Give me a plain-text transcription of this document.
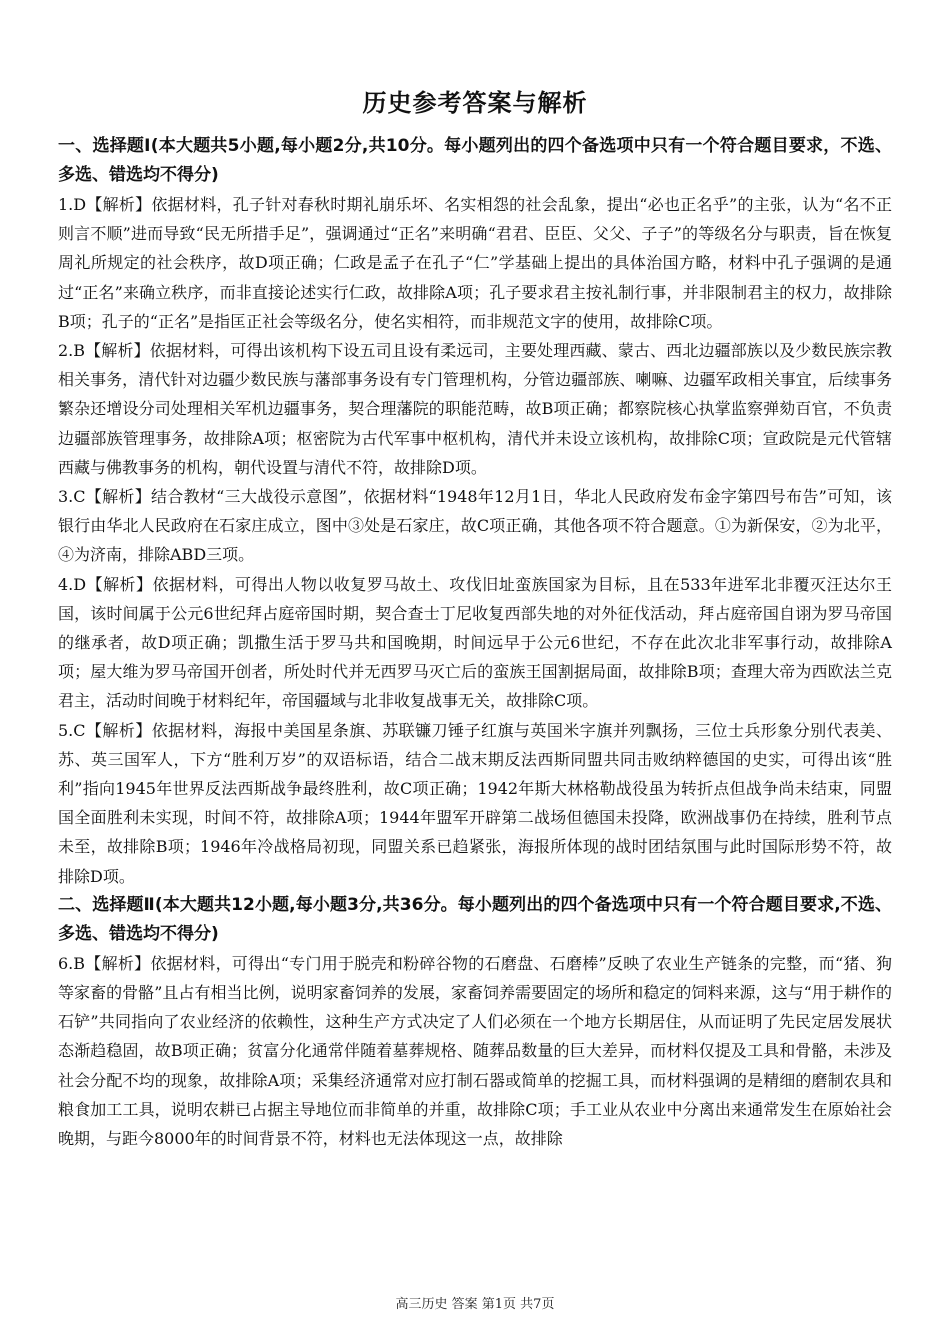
历史参考答案与解析

一、选择题Ⅰ(本大题共5小题,每小题2分,共10分。每小题列出的四个备选项中只有一个符合题目要求，不选、多选、错选均不得分)

1.D【解析】依据材料，孔子针对春秋时期礼崩乐坏、名实相怨的社会乱象，提出“必也正名乎”的主张，认为“名不正则言不顺”进而导致“民无所措手足”，强调通过“正名”来明确“君君、臣臣、父父、子子”的等级名分与职责，旨在恢复周礼所规定的社会秩序，故D项正确；仁政是孟子在孔子“仁”学基础上提出的具体治国方略，材料中孔子强调的是通过“正名”来确立秩序，而非直接论述实行仁政，故排除A项；孔子要求君主按礼制行事，并非限制君主的权力，故排除B项；孔子的“正名”是指匡正社会等级名分，使名实相符，而非规范文字的使用，故排除C项。

2.B【解析】依据材料，可得出该机构下设五司且设有柔远司，主要处理西藏、蒙古、西北边疆部族以及少数民族宗教相关事务，清代针对边疆少数民族与藩部事务设有专门管理机构，分管边疆部族、喇嘛、边疆军政相关事宜，后续事务繁杂还增设分司处理相关军机边疆事务，契合理藩院的职能范畴，故B项正确；都察院核心执掌监察弹劾百官，不负责边疆部族管理事务，故排除A项；枢密院为古代军事中枢机构，清代并未设立该机构，故排除C项；宣政院是元代管辖西藏与佛教事务的机构，朝代设置与清代不符，故排除D项。

3.C【解析】结合教材“三大战役示意图”，依据材料“1948年12月1日，华北人民政府发布金字第四号布告”可知，该银行由华北人民政府在石家庄成立，图中③处是石家庄，故C项正确，其他各项不符合题意。①为新保安，②为北平，④为济南，排除ABD三项。

4.D【解析】依据材料，可得出人物以收复罗马故土、攻伐旧址蛮族国家为目标，且在533年进军北非覆灭汪达尔王国，该时间属于公元6世纪拜占庭帝国时期，契合查士丁尼收复西部失地的对外征伐活动，拜占庭帝国自诩为罗马帝国的继承者，故D项正确；凯撒生活于罗马共和国晚期，时间远早于公元6世纪，不存在此次北非军事行动，故排除A项；屋大维为罗马帝国开创者，所处时代并无西罗马灭亡后的蛮族王国割据局面，故排除B项；查理大帝为西欧法兰克君主，活动时间晚于材料纪年，帝国疆域与北非收复战事无关，故排除C项。

5.C【解析】依据材料，海报中美国星条旗、苏联镰刀锤子红旗与英国米字旗并列飘扬，三位士兵形象分别代表美、苏、英三国军人，下方“胜利万岁”的双语标语，结合二战末期反法西斯同盟共同击败纳粹德国的史实，可得出该“胜利”指向1945年世界反法西斯战争最终胜利，故C项正确；1942年斯大林格勒战役虽为转折点但战争尚未结束，同盟国全面胜利未实现，时间不符，故排除A项；1944年盟军开辟第二战场但德国未投降，欧洲战事仍在持续，胜利节点未至，故排除B项；1946年冷战格局初现，同盟关系已趋紧张，海报所体现的战时团结氛围与此时国际形势不符，故排除D项。

二、选择题Ⅱ(本大题共12小题,每小题3分,共36分。每小题列出的四个备选项中只有一个符合题目要求,不选、多选、错选均不得分)

6.B【解析】依据材料，可得出“专门用于脱壳和粉碎谷物的石磨盘、石磨棒”反映了农业生产链条的完整，而“猪、狗等家畜的骨骼”且占有相当比例，说明家畜饲养的发展，家畜饲养需要固定的场所和稳定的饲料来源，这与“用于耕作的石铲”共同指向了农业经济的依赖性，这种生产方式决定了人们必须在一个地方长期居住，从而证明了先民定居发展状态渐趋稳固，故B项正确；贫富分化通常伴随着墓葬规格、随葬品数量的巨大差异，而材料仅提及工具和骨骼，未涉及社会分配不均的现象，故排除A项；采集经济通常对应打制石器或简单的挖掘工具，而材料强调的是精细的磨制农具和粮食加工工具，说明农耕已占据主导地位而非简单的并重，故排除C项；手工业从农业中分离出来通常发生在原始社会晚期，与距今8000年的时间背景不符，材料也无法体现这一点，故排除

高三历史 答案 第1页 共7页
